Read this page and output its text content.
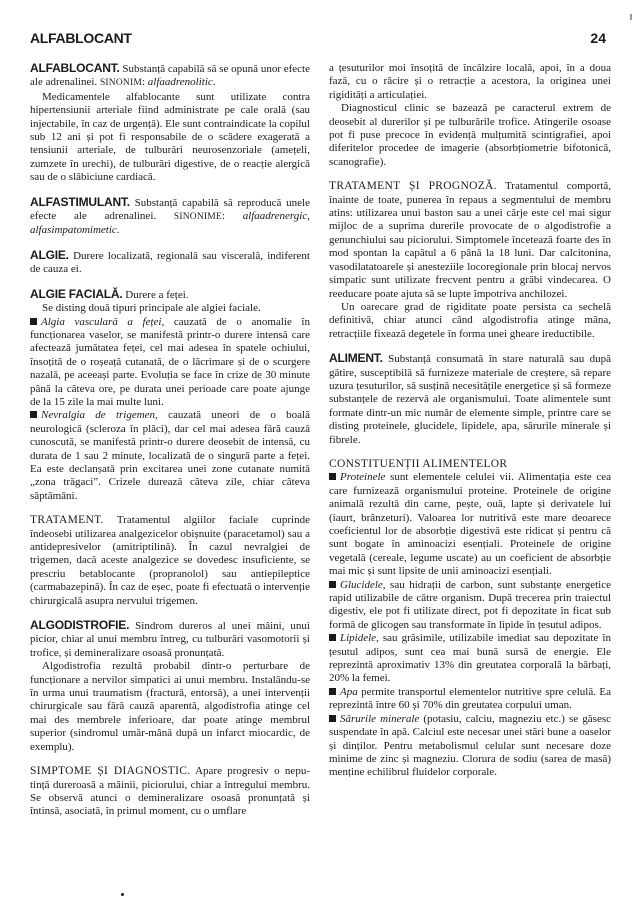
ALFABLOCANT	24

ALFABLOCANT. Substanță capabilă să se opună unor efecte ale adrenalinei. SINONIM: alfaadrenolitic.

Medicamentele alfablocante sunt utilizate contra hipertensiunii arteriale fiind administrate pe cale orală (sau injectabile, în caz de urgență). Ele sunt contraindicate la copilul sub 12 ani și pot fi responsabile de o scădere exagerată a tensiunii arteriale, de tulburări neurosenzoriale (amețeli, zumzete în urechi), de tulburări digestive, de o reacție alergică sau de o slăbiciune cardiacă.

ALFASTIMULANT. Substanță capabilă să reproducă unele efecte ale adrenalinei. SINONIME: alfaadrenergic, alfasimpatomimetic.

ALGIE. Durere localizată, regională sau viscerală, indiferent de cauza ei.

ALGIE FACIALĂ. Durere a feței.

Se disting două tipuri principale ale algiei faciale.

Algia vasculară a feței, cauzată de o anomalie în funcționarea vaselor, se manifestă printr-o durere intensă care afectează jumătatea feței, cel mai adesea în spatele ochiului, însoțită de o roșeață cutanată, de o lăcrimare și de o scurgere nazală, pe aceeași parte. Evoluția se face în crize de 30 minute până la câteva ore, pe durata unei perioade care poate ajunge de la 15 zile la mai multe luni.

Nevralgia de trigemen, cauzată uneori de o boală neurologică (scleroza în plăci), dar cel mai adesea fără cauză cunoscută, se manifestă printr-o durere deosebit de intensă, cu durata de 1 sau 2 minute, localizată de o singură parte a feței. Ea este declanșată prin excitarea unei zone cutanate numită „zona trăgaci”. Crizele durează câteva zile, chiar câteva săptămâni.

TRATAMENT. Tratamentul algiilor faciale cuprinde îndeosebi utilizarea analgezicelor obișnuite (paracetamol) sau a antidepresivelor (amitriptilină). În cazul nevralgiei de trigemen, dacă aceste analgezice se dovedesc insuficiente, se prescriu betablocante (propranolol) sau antiepileptice (carmabazepină). În caz de eșec, poate fi efectuată o intervenție chirurgicală asupra nervului trigemen.

ALGODISTROFIE. Sindrom dureros al unei mâini, unui picior, chiar al unui membru întreg, cu tulburări vasomotorii și trofice, și demineralizare osoasă pronunțată.

Algodistrofia rezultă probabil dintr-o perturbare de funcționare a nervilor simpatici ai unui membru. Instalându-se în urma unui traumatism (fractură, entorsă), a unei intervenții chirurgicale sau fără cauză aparentă, algodistrofia atinge cel mai des membrele inferioare, dar poate atinge membrul superior (sindromul umăr-mână după un infarct miocardic, de exemplu).

SIMPTOME ȘI DIAGNOSTIC. Apare progresiv o neputință dureroasă a mâinii, piciorului, chiar a întregului membru. Se observă atunci o demineralizare osoasă pronunțată și întinsă, asociată, în primul moment, cu o umflare

a țesuturilor moi însoțită de încălzire locală, apoi, în a doua fază, cu o răcire și o retracție a acestora, la originea unei rigidități a articulației.

Diagnosticul clinic se bazează pe caracterul extrem de deosebit al durerilor și pe tulburările trofice. Atingerile osoase pot fi puse precoce în evidență mulțumită scintigrafiei, apoi diferitelor procedee de imagerie (absorbțiometrie bifotonică, scanografie).

TRATAMENT ȘI PROGNOZĂ. Tratamentul comportă, înainte de toate, punerea în repaus a segmentului de membru atins: utilizarea unui baston sau a unei cârje este cel mai sigur mijloc de a suprima durerile provocate de o algodistrofie a genunchiului sau piciorului. Simptomele încetează foarte des în mod spontan la capătul a 6 până la 18 luni. Dar calcitonina, vasodilatatoarele și anesteziile locoregionale prin blocaj nervos simpatic sunt utilizate frecvent pentru a grăbi vindecarea. O reeducare poate ajuta să se lupte împotriva anchilozei.

Un oarecare grad de rigiditate poate persista ca sechelă definitivă, chiar atunci când algodistrofia atinge mâna, retracțiile fixează degetele în forma unei gheare ireductibile.

ALIMENT. Substanță consumată în stare naturală sau după gătire, susceptibilă să furnizeze materiale de creștere, să repare uzura țesuturilor, să susțină necesitățile energetice și să formeze substanțele de rezervă ale organismului. Toate alimentele sunt formate dintr-un mic număr de elemente simple, printre care se disting proteinele, glucidele, lipidele, apa, sărurile minerale și fibrele.

CONSTITUENȚII ALIMENTELOR

Proteinele sunt elementele celulei vii. Alimentația este cea care furnizează organismului proteine. Proteinele de origine animală rezultă din carne, pește, ouă, lapte și derivatele lui (iaurt, brânzeturi). Valoarea lor nutritivă este mare deoarece coeficientul lor de absorbție digestivă este ridicat și pentru că sunt bogate în aminoacizi esențiali. Proteinele de origine vegetală (cereale, legume uscate) au un coeficient de absorbție mai mic și sunt lipsite de unii aminoacizi esențiali.

Glucidele, sau hidrații de carbon, sunt substanțe energetice rapid utilizabile de către organism. După trecerea prin traiectul digestiv, ele pot fi utilizate direct, pot fi depozitate în ficat sub formă de glicogen sau transformate în lipide în țesutul adipos.

Lipidele, sau grăsimile, utilizabile imediat sau depozitate în țesutul adipos, sunt cea mai bună sursă de energie. Ele reprezintă aproximativ 13% din greutatea corporală la bărbați, 20% la femei.

Apa permite transportul elementelor nutritive spre celulă. Ea reprezintă între 60 și 70% din greutatea corpului uman.

Sărurile minerale (potasiu, calciu, magneziu etc.) se găsesc suspendate în apă. Calciul este necesar unei stări bune a oaselor și dinților. Pentru metabolismul celular sunt necesare doze minime de zinc și magneziu. Clorura de sodiu (sarea de masă) menține echilibrul fluidelor corporale.
